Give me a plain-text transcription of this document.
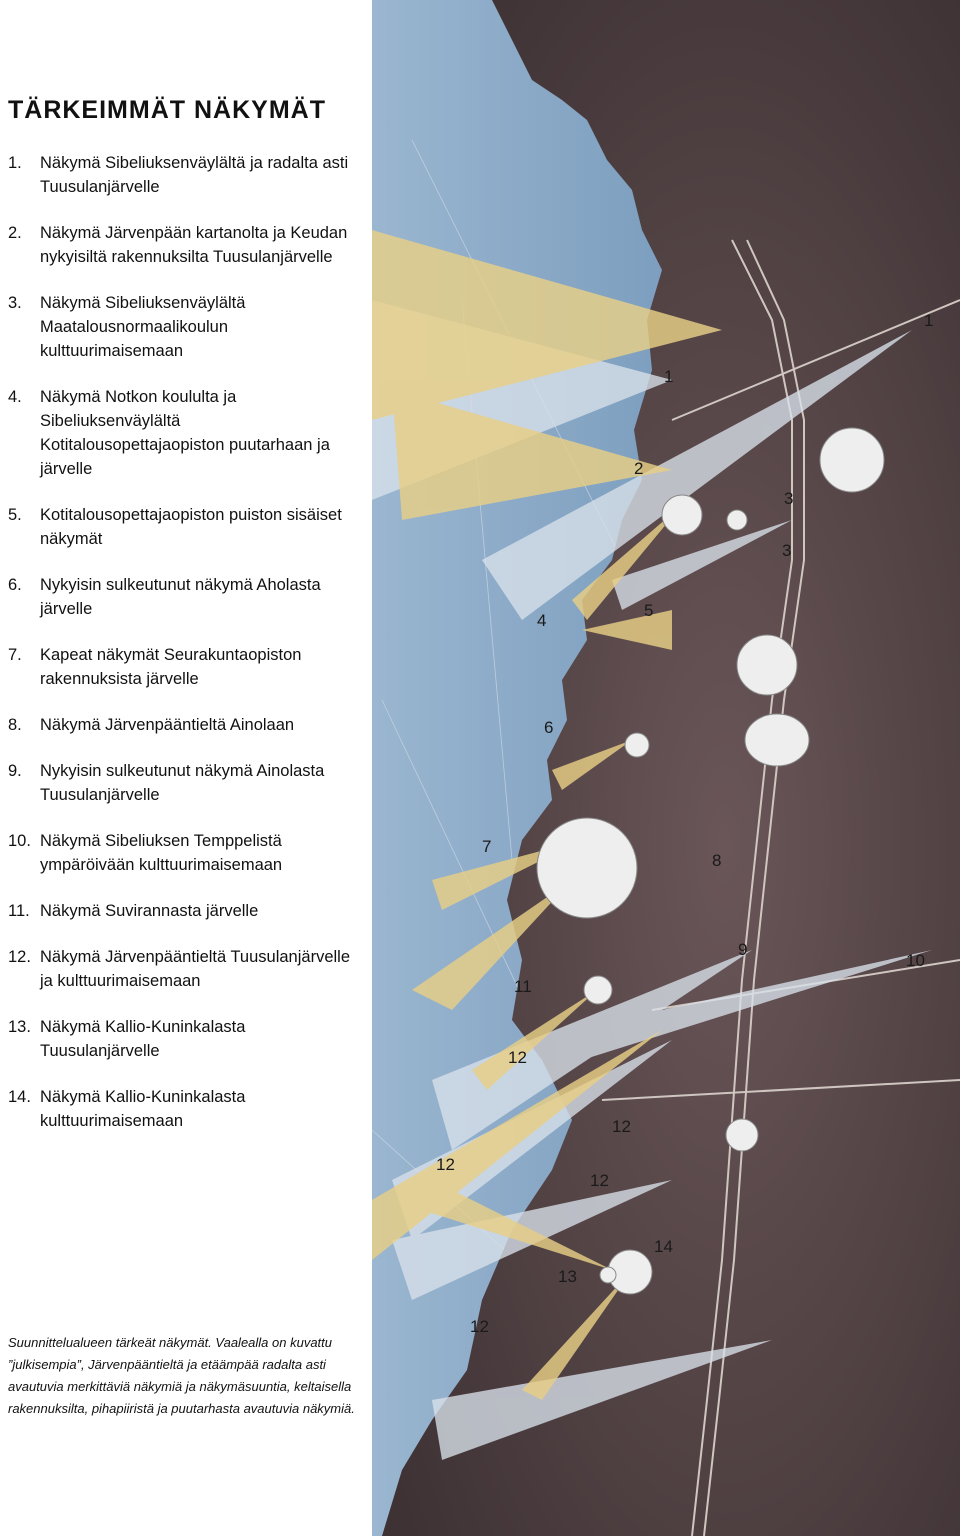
TÄRKEIMMÄT NÄKYMÄT
1. Näkymä Sibeliuksenväylältä ja radalta asti Tuusulanjärvelle
2. Näkymä Järvenpään kartanolta ja Keudan nykyisiltä rakennuksilta Tuusulanjärvelle
3. Näkymä Sibeliuksenväylältä Maatalousnormaalikoulun kulttuurimaisemaan
4. Näkymä Notkon koululta ja Sibeliuksenväylältä Kotitalousopettajaopiston puutarhaan ja järvelle
5. Kotitalousopettajaopiston puiston sisäiset näkymät
6. Nykyisin sulkeutunut näkymä Aholasta järvelle
7. Kapeat näkymät Seurakuntaopiston rakennuksista järvelle
8. Näkymä Järvenpääntieltä Ainolaan
9. Nykyisin sulkeutunut näkymä Ainolasta Tuusulanjärvelle
10. Näkymä Sibeliuksen Temppelistä ympäröivään kulttuurimaisemaan
11. Näkymä Suvirannasta järvelle
12. Näkymä Järvenpääntieltä Tuusulanjärvelle ja kulttuurimaisemaan
13. Näkymä Kallio-Kuninkalasta Tuusulanjärvelle
14. Näkymä Kallio-Kuninkalasta kulttuurimaisemaan
Suunnittelualueen tärkeät näkymät. Vaalealla on kuvattu ”julkisempia”, Järvenpääntieltä ja etäämpää radalta asti avautuvia merkittäviä näkymiä ja näkymäsuuntia, keltaisella rakennuksilta, pihapiiristä ja puutarhasta avautuvia näkymiä.
1
1
2
3
3
4
5
6
7
8
9
10
11
12
12
12
12
12
13
14
